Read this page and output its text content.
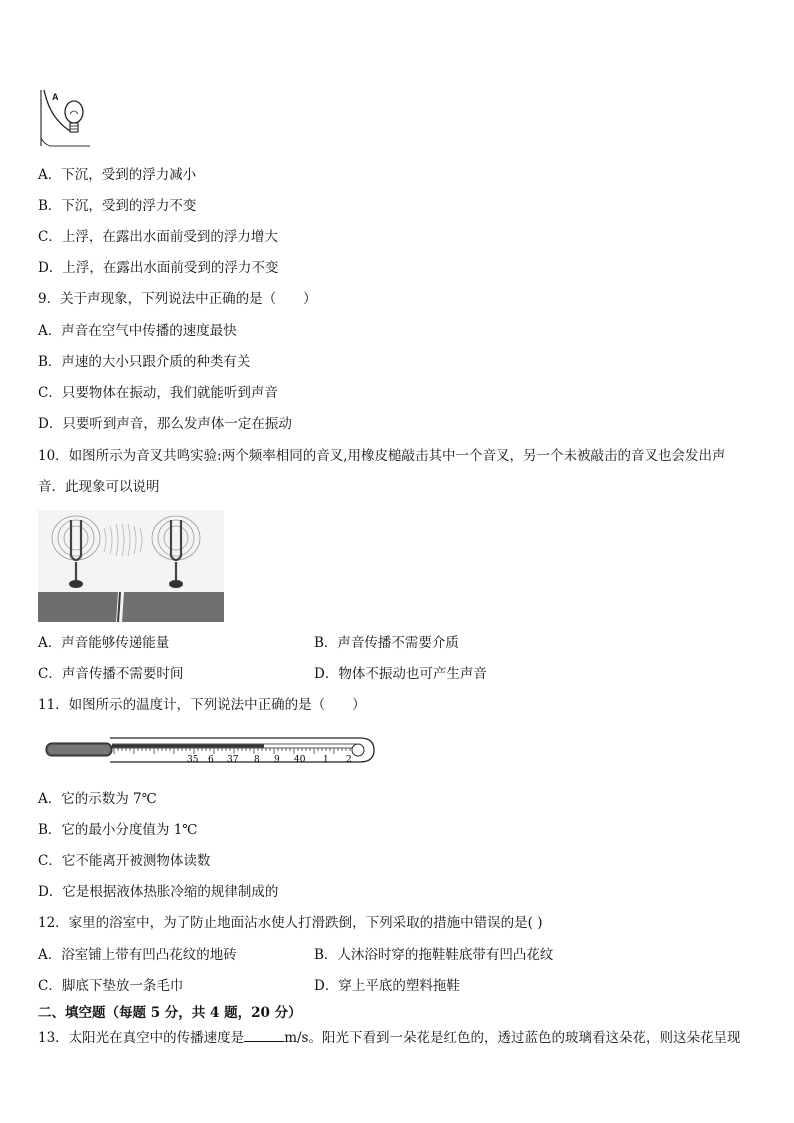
A
A．下沉，受到的浮力减小
B．下沉，受到的浮力不变
C．上浮，在露出水面前受到的浮力增大
D．上浮，在露出水面前受到的浮力不变
9．关于声现象，下列说法中正确的是（　　）
A．声音在空气中传播的速度最快
B．声速的大小只跟介质的种类有关
C．只要物体在振动，我们就能听到声音
D．只要听到声音，那么发声体一定在振动
10．如图所示为音叉共鸣实验:两个频率相同的音叉,用橡皮槌敲击其中一个音叉，另一个未被敲击的音叉也会发出声
音．此现象可以说明
A．声音能够传递能量	B．声音传播不需要介质
C．声音传播不需要时间	D．物体不振动也可产生声音
11．如图所示的温度计，下列说法中正确的是（　　）
35 6 37 8 9 40 1 2
A．它的示数为 7℃
B．它的最小分度值为 1℃
C．它不能离开被测物体读数
D．它是根据液体热胀冷缩的规律制成的
12．家里的浴室中，为了防止地面沾水使人打滑跌倒，下列采取的措施中错误的是( )
A．浴室铺上带有凹凸花纹的地砖	B．人沐浴时穿的拖鞋鞋底带有凹凸花纹
C．脚底下垫放一条毛巾	D．穿上平底的塑料拖鞋
二、填空题（每题 5 分，共 4 题，20 分）
13．太阳光在真空中的传播速度是	m/s。阳光下看到一朵花是红色的，透过蓝色的玻璃看这朵花，则这朵花呈现
